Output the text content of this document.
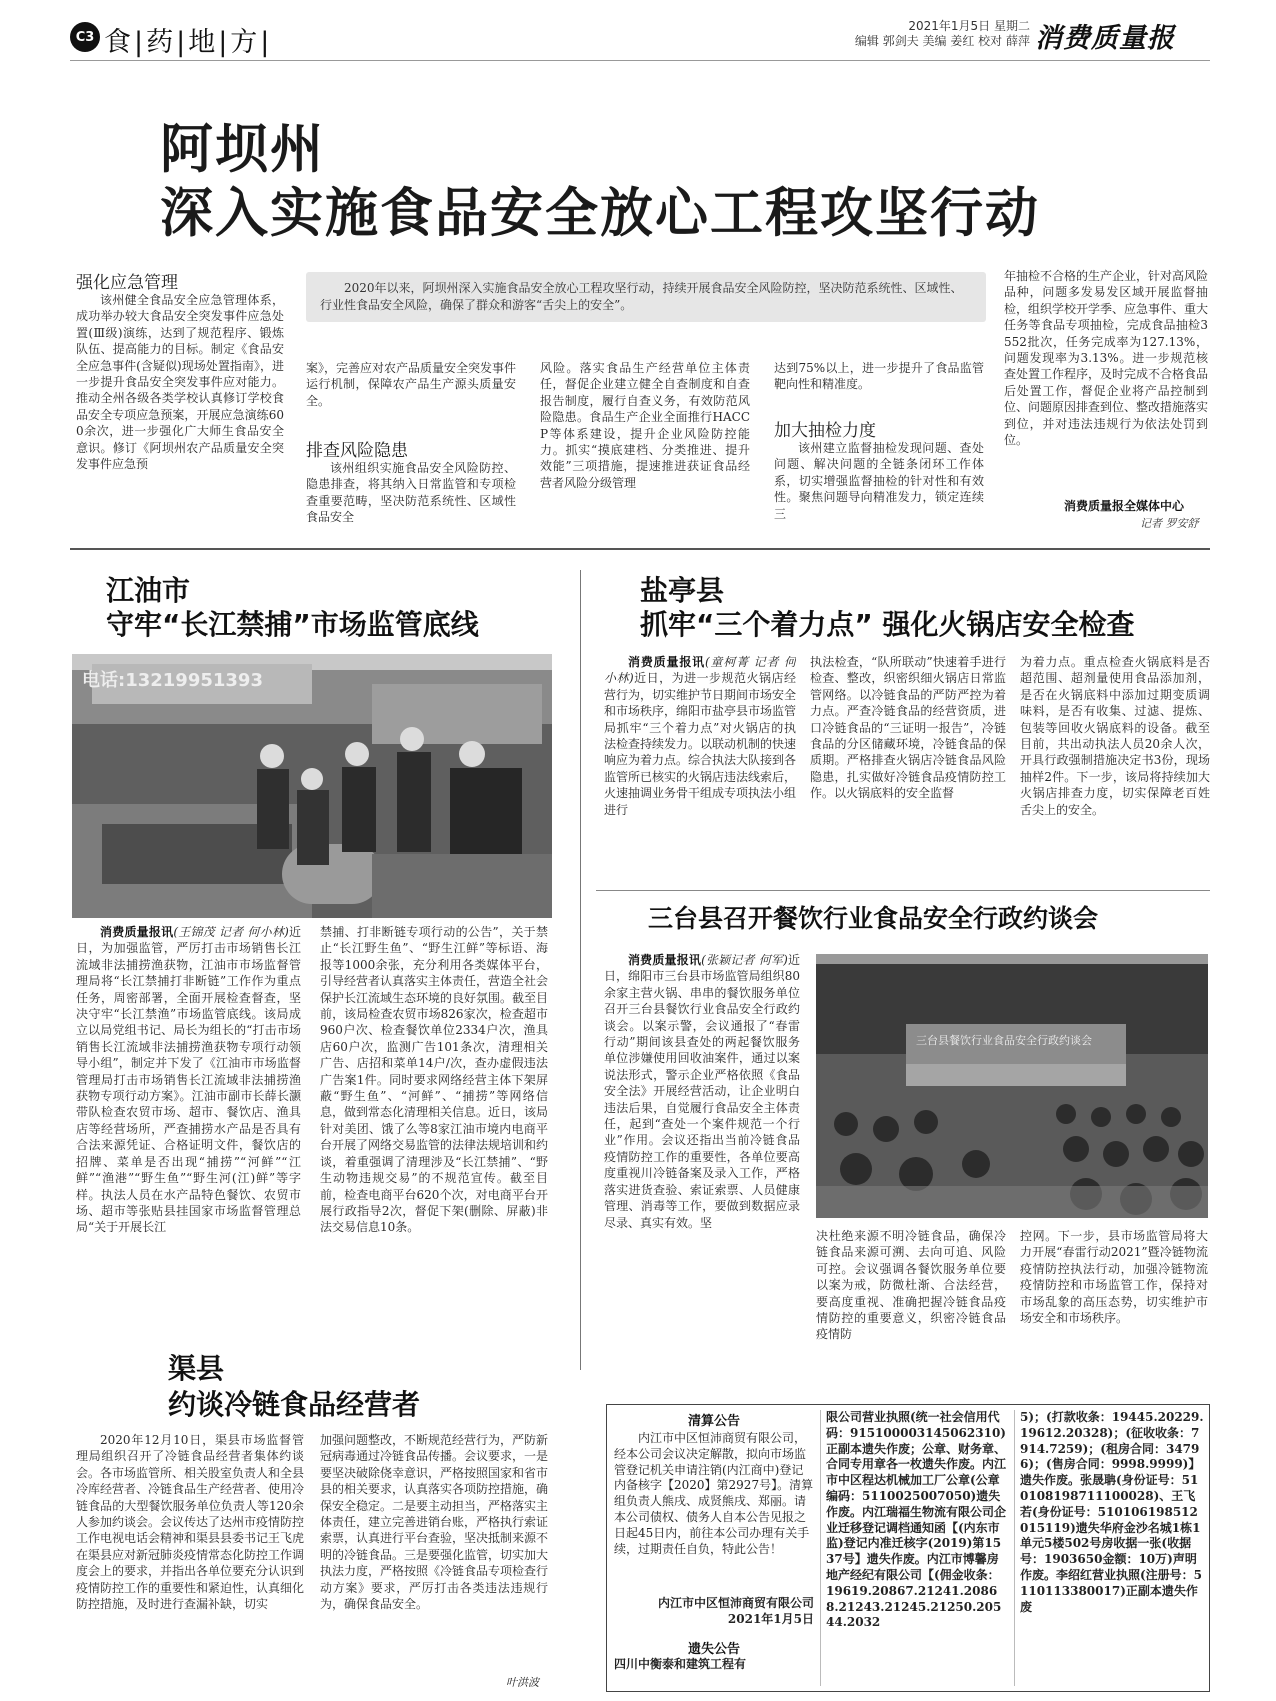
C3 食|药|地|方|
2021年1月5日 星期二
编辑 郭剑夫 美编 姜红 校对 薛萍 消费质量报
阿坝州
深入实施食品安全放心工程攻坚行动
强化应急管理
该州健全食品安全应急管理体系，成功举办较大食品安全突发事件应急处置(Ⅲ级)演练，达到了规范程序、锻炼队伍、提高能力的目标。制定《食品安全应急事件(含疑似)现场处置指南》，进一步提升食品安全突发事件应对能力。推动全州各级各类学校认真修订学校食品安全专项应急预案，开展应急演练600余次，进一步强化广大师生食品安全意识。修订《阿坝州农产品质量安全突发事件应急预
2020年以来，阿坝州深入实施食品安全放心工程攻坚行动，持续开展食品安全风险防控，坚决防范系统性、区域性、行业性食品安全风险，确保了群众和游客“舌尖上的安全”。
案》，完善应对农产品质量安全突发事件运行机制，保障农产品生产源头质量安全。
排查风险隐患
该州组织实施食品安全风险防控、隐患排查，将其纳入日常监管和专项检查重要范畴，坚决防范系统性、区域性食品安全
风险。落实食品生产经营单位主体责任，督促企业建立健全自查制度和自查报告制度，履行自查义务，有效防范风险隐患。食品生产企业全面推行HACCP等体系建设，提升企业风险防控能力。抓实“摸底建档、分类推进、提升效能”三项措施，提速推进获证食品经营者风险分级管理
达到75%以上，进一步提升了食品监管靶向性和精准度。
加大抽检力度
该州建立监督抽检发现问题、查处问题、解决问题的全链条闭环工作体系，切实增强监督抽检的针对性和有效性。聚焦问题导向精准发力，锁定连续三
年抽检不合格的生产企业，针对高风险品种，问题多发易发区域开展监督抽检，组织学校开学季、应急事件、重大任务等食品专项抽检，完成食品抽检3552批次，任务完成率为127.13%，问题发现率为3.13%。进一步规范核查处置工作程序，及时完成不合格食品后处置工作，督促企业将产品控制到位、问题原因排查到位、整改措施落实到位，并对违法违规行为依法处罚到位。
消费质量报全媒体中心
记者 罗安舒
江油市
守牢“长江禁捕”市场监管底线
电话:13219951393
消费质量报讯(王锦茂 记者 何小林)近日，为加强监管，严厉打击市场销售长江流域非法捕捞渔获物，江油市市场监督管理局将“长江禁捕打非断链”工作作为重点任务，周密部署，全面开展检查督查，坚决守牢“长江禁渔”市场监管底线。该局成立以局党组书记、局长为组长的“打击市场销售长江流域非法捕捞渔获物专项行动领导小组”，制定并下发了《江油市市场监督管理局打击市场销售长江流域非法捕捞渔获物专项行动方案》。江油市副市长薛长灏带队检查农贸市场、超市、餐饮店、渔具店等经营场所，严查捕捞水产品是否具有合法来源凭证、合格证明文件，餐饮店的招牌、菜单是否出现“捕捞”“河鲜”“江鲜”“渔港”“野生鱼”“野生河(江)鲜”等字样。执法人员在水产品特色餐饮、农贸市场、超市等张贴县挂国家市场监督管理总局“关于开展长江
禁捕、打非断链专项行动的公告”，关于禁止“长江野生鱼”、“野生江鲜”等标语、海报等1000余张，充分利用各类媒体平台，引导经营者认真落实主体责任，营造全社会保护长江流域生态环境的良好氛围。截至目前，该局检查农贸市场826家次，检查超市960户次、检查餐饮单位2334户次，渔具店60户次，监测广告101条次，清理相关广告、店招和菜单14户/次，查办虚假违法广告案1件。同时要求网络经营主体下架屏蔽“野生鱼”、“河鲜”、“捕捞”等网络信息，做到常态化清理相关信息。近日，该局针对美团、饿了么等8家江油市境内电商平台开展了网络交易监管的法律法规培训和约谈，着重强调了清理涉及“长江禁捕”、“野生动物违规交易”的不规范宣传。截至目前，检查电商平台620个次，对电商平台开展行政指导2次，督促下架(删除、屏蔽)非法交易信息10条。
盐亭县
抓牢“三个着力点” 强化火锅店安全检查
消费质量报讯(童柯菁 记者 何小林)近日，为进一步规范火锅店经营行为，切实维护节日期间市场安全和市场秩序，绵阳市盐亭县市场监管局抓牢“三个着力点”对火锅店的执法检查持续发力。以联动机制的快速响应为着力点。综合执法大队接到各监管所已核实的火锅店违法线索后，火速抽调业务骨干组成专项执法小组进行
执法检查，“队所联动”快速着手进行检查、整改，织密织细火锅店日常监管网络。以冷链食品的严防严控为着力点。严查冷链食品的经营资质，进口冷链食品的“三证明一报告”，冷链食品的分区储藏环境，冷链食品的保质期。严格排查火锅店冷链食品风险隐患，扎实做好冷链食品疫情防控工作。以火锅底料的安全监督
为着力点。重点检查火锅底料是否超范围、超剂量使用食品添加剂，是否在火锅底料中添加过期变质调味料，是否有收集、过滤、提炼、包装等回收火锅底料的设备。截至目前，共出动执法人员20余人次，开具行政强制措施决定书3份，现场抽样2件。下一步，该局将持续加大火锅店排查力度，切实保障老百姓舌尖上的安全。
三台县召开餐饮行业食品安全行政约谈会
消费质量报讯(张颖记者 何军)近日，绵阳市三台县市场监管局组织80余家主营火锅、串串的餐饮服务单位召开三台县餐饮行业食品安全行政约谈会。以案示警，会议通报了“春雷行动”期间该县查处的两起餐饮服务单位涉嫌使用回收油案件，通过以案说法形式，警示企业严格依照《食品安全法》开展经营活动，让企业明白违法后果，自觉履行食品安全主体责任，起到“查处一个案件规范一个行业”作用。会议还指出当前冷链食品疫情防控工作的重要性，各单位要高度重视川冷链备案及录入工作，严格落实进货查验、索证索票、人员健康管理、消毒等工作，要做到数据应录尽录、真实有效。坚
三台县餐饮行业食品安全行政约谈会
决杜绝来源不明冷链食品，确保冷链食品来源可溯、去向可追、风险可控。会议强调各餐饮服务单位要以案为戒，防微杜渐、合法经营，要高度重视、准确把握冷链食品疫情防控的重要意义，织密冷链食品疫情防
控网。下一步，县市场监管局将大力开展“春雷行动2021”暨冷链物流疫情防控执法行动，加强冷链物流疫情防控和市场监管工作，保持对市场乱象的高压态势，切实维护市场安全和市场秩序。
渠县
约谈冷链食品经营者
2020年12月10日，渠县市场监督管理局组织召开了冷链食品经营者集体约谈会。各市场监管所、相关股室负责人和全县冷库经营者、冷链食品生产经营者、使用冷链食品的大型餐饮服务单位负责人等120余人参加约谈会。会议传达了达州市疫情防控工作电视电话会精神和渠县县委书记王飞虎在渠县应对新冠肺炎疫情常态化防控工作调度会上的要求，并指出各单位要充分认识到疫情防控工作的重要性和紧迫性，认真细化防控措施，及时进行查漏补缺，切实
加强问题整改，不断规范经营行为，严防新冠病毒通过冷链食品传播。会议要求，一是要坚决破除侥幸意识，严格按照国家和省市县的相关要求，认真落实各项防控措施，确保安全稳定。二是要主动担当，严格落实主体责任，建立完善进销台账，严格执行索证索票，认真进行平台查验，坚决抵制来源不明的冷链食品。三是要强化监管，切实加大执法力度，严格按照《冷链食品专项检查行动方案》要求，严厉打击各类违法违规行为，确保食品安全。
叶洪波
清算公告
内江市中区恒沛商贸有限公司，经本公司会议决定解散，拟向市场监管登记机关申请注销(内江商中)登记内备核字【2020】第2927号】。清算组负责人熊戌、成贤熊戌、郑丽。请本公司债权、债务人自本公告见报之日起45日内，前往本公司办理有关手续，过期责任自负，特此公告！
内江市中区恒沛商贸有限公司
2021年1月5日
遗失公告
四川中衡泰和建筑工程有
限公司营业执照(统一社会信用代码：91510000314506231​0)正副本遗失作废；公章、财务章、合同专用章各一枚遗失作废。内江市中区程达机械加工厂公章(公章编码：5110025007050)遗失作废。内江瑞福生物流有限公司企业迁移登记调档通知函【(内东市监)登记内准迁核字(2019)第1537号】遗失作废。内江市博馨房地产经纪有限公司【(佣金收条：19619.20867.21241.20868.21243.21245.21250.20544.2032
5)；(打款收条：19445.20229.19612.20328)；(征收收条：7914.7259)；(租房合同：34796)；(售房合同：9998.9999)】遗失作废。张晟聃(身份证号：510108198711100028)、王飞若(身份证号：510106198512015119)遗失华府金沙名城1栋1单元5楼502号房收据一张(收据号：1903650金额：10万)声明作废。李绍红营业执照(注册号：5110113380017)正副本遗失作废
